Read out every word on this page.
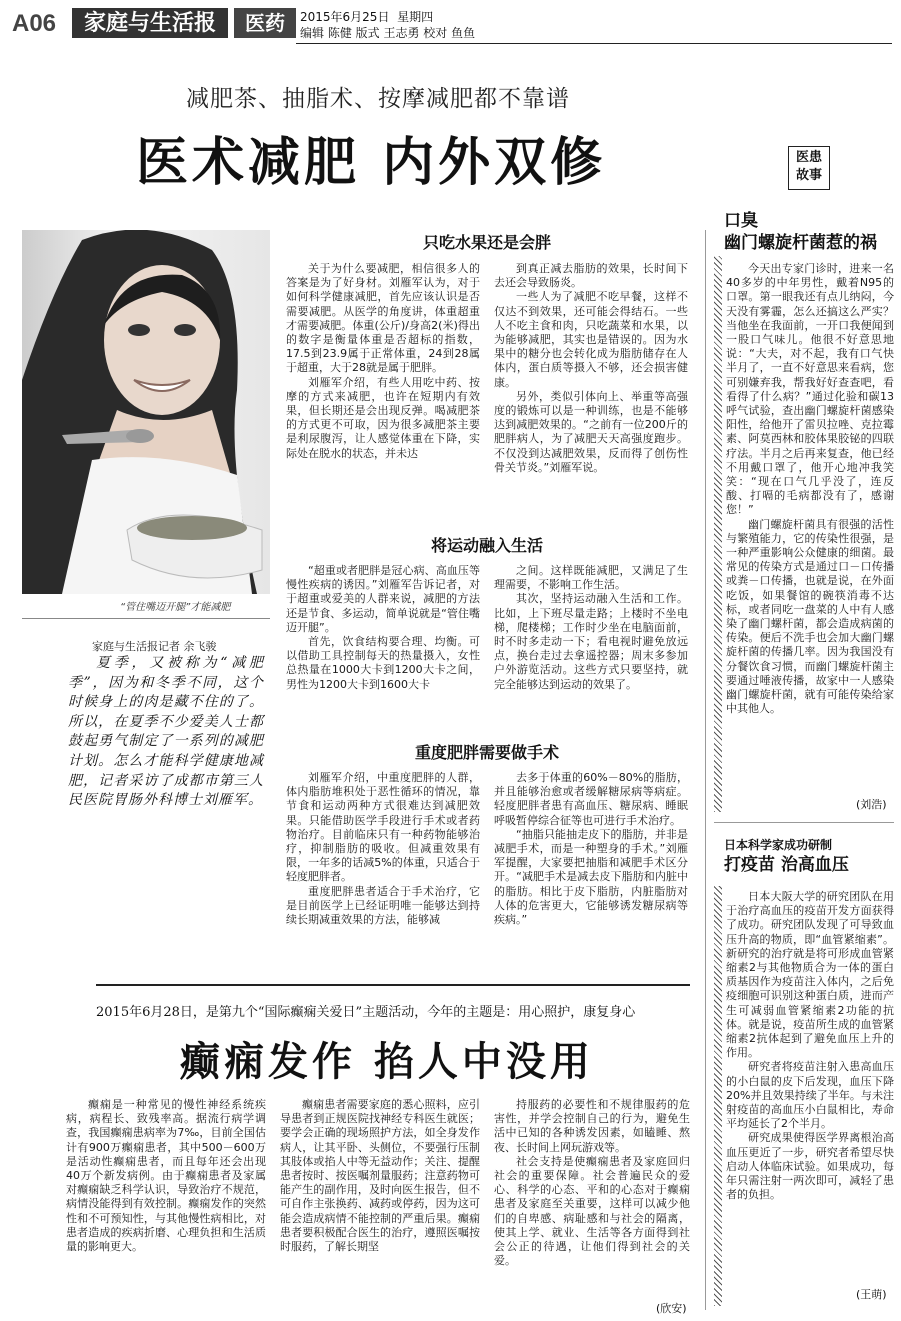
A06	家庭与生活报	医药	2015年6月25日 星期四
编辑 陈健 版式 王志勇 校对 鱼鱼
减肥茶、抽脂术、按摩减肥都不靠谱
医术减肥 内外双修
“管住嘴迈开腿”才能减肥
家庭与生活报记者 余飞骏
夏季，又被称为“减肥季”，因为和冬季不同，这个时候身上的肉是藏不住的了。所以，在夏季不少爱美人士都鼓起勇气制定了一系列的减肥计划。怎么才能科学健康地减肥，记者采访了成都市第三人民医院胃肠外科博士刘雁军。
只吃水果还是会胖

关于为什么要减肥，相信很多人的答案是为了好身材。刘雁军认为，对于如何科学健康减肥，首先应该认识是否需要减肥。从医学的角度讲，体重超重才需要减肥。体重(公斤)/身高2(米)得出的数字是衡量体重是否超标的指数，17.5到23.9属于正常体重，24到28属于超重，大于28就是属于肥胖。

刘雁军介绍，有些人用吃中药、按摩的方式来减肥，也许在短期内有效果，但长期还是会出现反弹。喝减肥茶的方式更不可取，因为很多减肥茶主要是利尿腹泻，让人感觉体重在下降，实际处在脱水的状态，并未达

到真正减去脂肪的效果，长时间下去还会导致肠炎。

一些人为了减肥不吃早餐，这样不仅达不到效果，还可能会得结石。一些人不吃主食和肉，只吃蔬菜和水果，以为能够减肥，其实也是错误的。因为水果中的糖分也会转化成为脂肪储存在人体内，蛋白质等摄入不够，还会损害健康。

另外，类似引体向上、举重等高强度的锻炼可以是一种训练，也是不能够达到减肥效果的。“之前有一位200斤的肥胖病人，为了减肥天天高强度跑步。不仅没到达减肥效果，反而得了创伤性骨关节炎。”刘雁军说。

将运动融入生活

“超重或者肥胖是冠心病、高血压等慢性疾病的诱因。”刘雁军告诉记者，对于超重或爱美的人群来说，减肥的方法还是节食、多运动，简单说就是“管住嘴迈开腿”。

首先，饮食结构要合理、均衡。可以借助工具控制每天的热量摄入，女性总热量在1000大卡到1200大卡之间，男性为1200大卡到1600大卡

之间。这样既能减肥，又满足了生理需要，不影响工作生活。

其次，坚持运动融入生活和工作。比如，上下班尽量走路；上楼时不坐电梯，爬楼梯；工作时少坐在电脑面前，时不时多走动一下；看电视时避免放远点，换台走过去拿遥控器；周末多参加户外游览活动。这些方式只要坚持，就完全能够达到运动的效果了。

重度肥胖需要做手术

刘雁军介绍，中重度肥胖的人群，体内脂肪堆积处于恶性循环的情况，靠节食和运动两种方式很难达到减肥效果。只能借助医学手段进行手术或者药物治疗。目前临床只有一种药物能够治疗，抑制脂肪的吸收。但减重效果有限，一年多的话减5%的体重，只适合于轻度肥胖者。

重度肥胖患者适合于手术治疗，它是目前医学上已经证明唯一能够达到持续长期减重效果的方法，能够减

去多于体重的60%－80%的脂肪，并且能够治愈或者缓解糖尿病等病症。轻度肥胖者患有高血压、糖尿病、睡眠呼吸暂停综合征等也可进行手术治疗。

“抽脂只能抽走皮下的脂肪，并非是减肥手术，而是一种塑身的手术。”刘雁军提醒，大家要把抽脂和减肥手术区分开。“减肥手术是减去皮下脂肪和内脏中的脂肪。相比于皮下脂肪，内脏脂肪对人体的危害更大，它能够诱发糖尿病等疾病。”

医患
故事
口臭
幽门螺旋杆菌惹的祸

今天出专家门诊时，进来一名40多岁的中年男性，戴着N95的口罩。第一眼我还有点儿纳闷，今天没有雾霾，怎么还搞这么严实？当他坐在我面前，一开口我便闻到一股口气味儿。他很不好意思地说：“大夫，对不起，我有口气快半月了，一直不好意思来看病，您可别嫌弃我，帮我好好查查吧，看看得了什么病？”通过化验和碳13呼气试验，查出幽门螺旋杆菌感染阳性，给他开了雷贝拉唑、克拉霉素、阿莫西林和胶体果胶铋的四联疗法。半月之后再来复查，他已经不用戴口罩了，他开心地冲我笑笑：“现在口气几乎没了，连反酸、打嗝的毛病都没有了，感谢您！”

幽门螺旋杆菌具有很强的活性与繁殖能力，它的传染性很强，是一种严重影响公众健康的细菌。最常见的传染方式是通过口－口传播或粪－口传播，也就是说，在外面吃饭，如果餐馆的碗筷消毒不达标，或者同吃一盘菜的人中有人感染了幽门螺杆菌，都会造成病菌的传染。便后不洗手也会加大幽门螺旋杆菌的传播几率。因为我国没有分餐饮食习惯，而幽门螺旋杆菌主要通过唾液传播，故家中一人感染幽门螺旋杆菌，就有可能传染给家中其他人。

(刘浩)
日本科学家成功研制
打疫苗 治高血压

日本大阪大学的研究团队在用于治疗高血压的疫苗开发方面获得了成功。研究团队发现了可导致血压升高的物质，即“血管紧缩素”。新研究的治疗就是将可形成血管紧缩素2与其他物质合为一体的蛋白质基因作为疫苗注入体内，之后免疫细胞可识别这种蛋白质，进而产生可减弱血管紧缩素2功能的抗体。就是说，疫苗所生成的血管紧缩素2抗体起到了避免血压上升的作用。

研究者将疫苗注射入患高血压的小白鼠的皮下后发现，血压下降20%并且效果持续了半年。与未注射疫苗的高血压小白鼠相比，寿命平均延长了2个半月。

研究成果使得医学界离根治高血压更近了一步，研究者希望尽快启动人体临床试验。如果成功，每年只需注射一两次即可，减轻了患者的负担。

(王萌)
2015年6月28日，是第九个“国际癫痫关爱日”主题活动，今年的主题是：用心照护，康复身心
癫痫发作 掐人中没用

癫痫是一种常见的慢性神经系统疾病，病程长、致残率高。据流行病学调查，我国癫痫患病率为7‰，目前全国估计有900万癫痫患者，其中500－600万是活动性癫痫患者，而且每年还会出现40万个新发病例。由于癫痫患者及家属对癫痫缺乏科学认识，导致治疗不规范，病情没能得到有效控制。癫痫发作的突然性和不可预知性，与其他慢性病相比，对患者造成的疾病折磨、心理负担和生活质量的影响更大。

癫痫患者需要家庭的悉心照料，应引导患者到正规医院找神经专科医生就医；要学会正确的现场照护方法，如全身发作病人，让其平卧、头侧位，不要强行压制其肢体或掐人中等无益动作；关注、提醒患者按时、按医嘱剂量服药；注意药物可能产生的副作用，及时向医生报告，但不可自作主张换药、减药或停药，因为这可能会造成病情不能控制的严重后果。癫痫患者要积极配合医生的治疗，遵照医嘱按时服药，了解长期坚

持服药的必要性和不规律服药的危害性，并学会控制自己的行为，避免生活中已知的各种诱发因素，如瞌睡、熬夜、长时间上网玩游戏等。

社会支持是使癫痫患者及家庭回归社会的重要保障。社会普遍民众的爱心、科学的心态、平和的心态对于癫痫患者及家庭至关重要，这样可以减少他们的自卑感、病耻感和与社会的隔离，使其上学、就业、生活等各方面得到社会公正的待遇，让他们得到社会的关爱。

(欣安)
